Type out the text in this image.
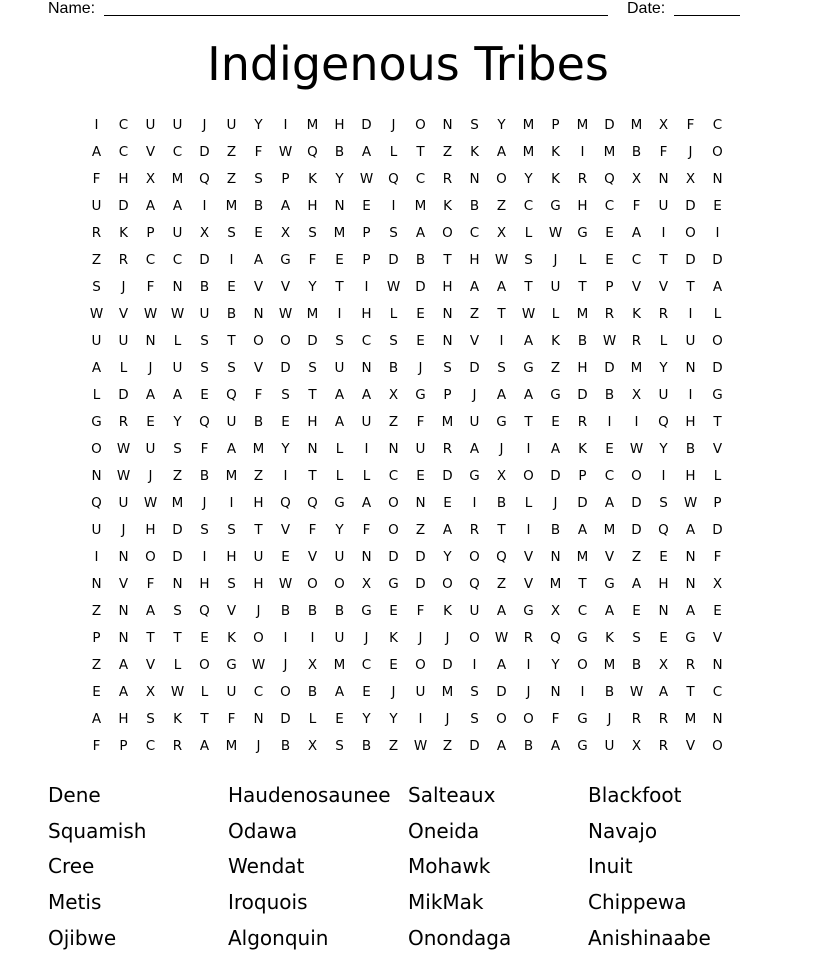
Name:	Date:
Indigenous Tribes
I	C	U	U	J	U	Y	I	M	H	D	J	O	N	S	Y	M	P	M	D	M	X	F	C
A	C	V	C	D	Z	F	W	Q	B	A	L	T	Z	K	A	M	K	I	M	B	F	J	O
F	H	X	M	Q	Z	S	P	K	Y	W	Q	C	R	N	O	Y	K	R	Q	X	N	X	N
U	D	A	A	I	M	B	A	H	N	E	I	M	K	B	Z	C	G	H	C	F	U	D	E
R	K	P	U	X	S	E	X	S	M	P	S	A	O	C	X	L	W	G	E	A	I	O	I
Z	R	C	C	D	I	A	G	F	E	P	D	B	T	H	W	S	J	L	E	C	T	D	D
S	J	F	N	B	E	V	V	Y	T	I	W	D	H	A	A	T	U	T	P	V	V	T	A
W	V	W	W	U	B	N	W	M	I	H	L	E	N	Z	T	W	L	M	R	K	R	I	L
U	U	N	L	S	T	O	O	D	S	C	S	E	N	V	I	A	K	B	W	R	L	U	O
A	L	J	U	S	S	V	D	S	U	N	B	J	S	D	S	G	Z	H	D	M	Y	N	D
L	D	A	A	E	Q	F	S	T	A	A	X	G	P	J	A	A	G	D	B	X	U	I	G
G	R	E	Y	Q	U	B	E	H	A	U	Z	F	M	U	G	T	E	R	I	I	Q	H	T
O	W	U	S	F	A	M	Y	N	L	I	N	U	R	A	J	I	A	K	E	W	Y	B	V
N	W	J	Z	B	M	Z	I	T	L	L	C	E	D	G	X	O	D	P	C	O	I	H	L
Q	U	W	M	J	I	H	Q	Q	G	A	O	N	E	I	B	L	J	D	A	D	S	W	P
U	J	H	D	S	S	T	V	F	Y	F	O	Z	A	R	T	I	B	A	M	D	Q	A	D
I	N	O	D	I	H	U	E	V	U	N	D	D	Y	O	Q	V	N	M	V	Z	E	N	F
N	V	F	N	H	S	H	W	O	O	X	G	D	O	Q	Z	V	M	T	G	A	H	N	X
Z	N	A	S	Q	V	J	B	B	B	G	E	F	K	U	A	G	X	C	A	E	N	A	E
P	N	T	T	E	K	O	I	I	U	J	K	J	J	O	W	R	Q	G	K	S	E	G	V
Z	A	V	L	O	G	W	J	X	M	C	E	O	D	I	A	I	Y	O	M	B	X	R	N
E	A	X	W	L	U	C	O	B	A	E	J	U	M	S	D	J	N	I	B	W	A	T	C
A	H	S	K	T	F	N	D	L	E	Y	Y	I	J	S	O	O	F	G	J	R	R	M	N
F	P	C	R	A	M	J	B	X	S	B	Z	W	Z	D	A	B	A	G	U	X	R	V	O
Dene	Haudenosaunee Salteaux	Blackfoot
Squamish	Odawa	Oneida	Navajo
Cree	Wendat	Mohawk	Inuit
Metis	Iroquois	MikMak	Chippewa
Ojibwe	Algonquin	Onondaga	Anishinaabe
